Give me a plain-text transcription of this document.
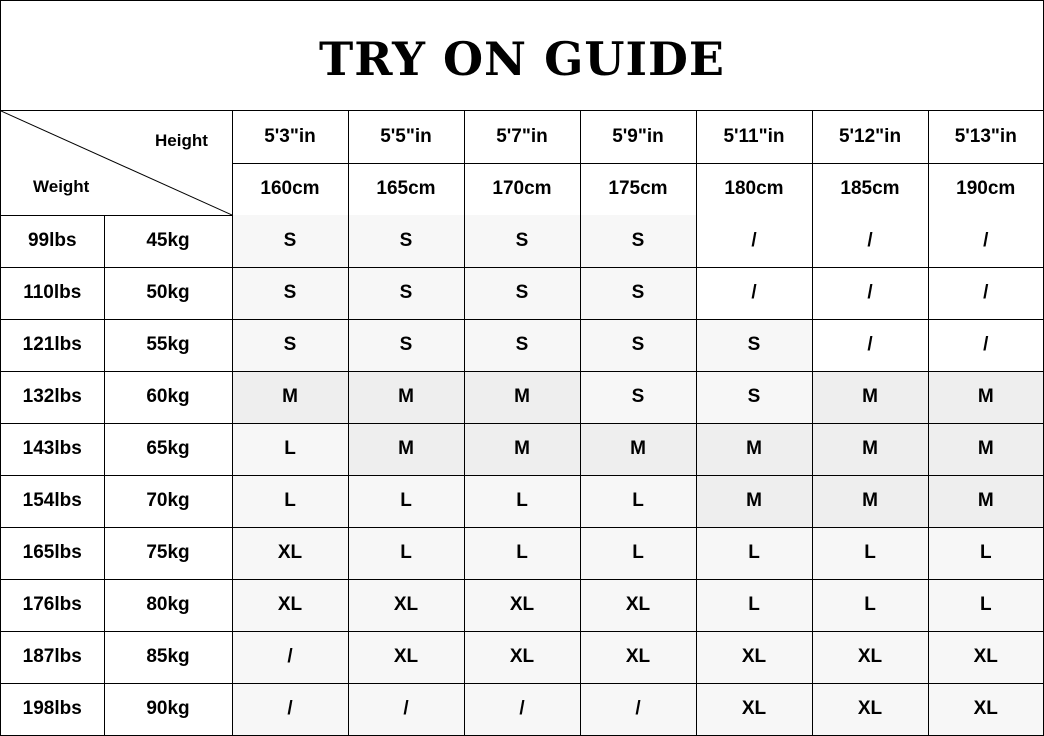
TRY ON GUIDE
Height
Weight		5'3"in	5'5"in	5'7"in	5'9"in	5'11"in	5'12"in	5'13"in
		160cm	165cm	170cm	175cm	180cm	185cm	190cm
99lbs	45kg	S	S	S	S	/	/	/
110lbs	50kg	S	S	S	S	/	/	/
121lbs	55kg	S	S	S	S	S	/	/
132lbs	60kg	M	M	M	S	S	M	M
143lbs	65kg	L	M	M	M	M	M	M
154lbs	70kg	L	L	L	L	M	M	M
165lbs	75kg	XL	L	L	L	L	L	L
176lbs	80kg	XL	XL	XL	XL	L	L	L
187lbs	85kg	/	XL	XL	XL	XL	XL	XL
198lbs	90kg	/	/	/	/	XL	XL	XL
